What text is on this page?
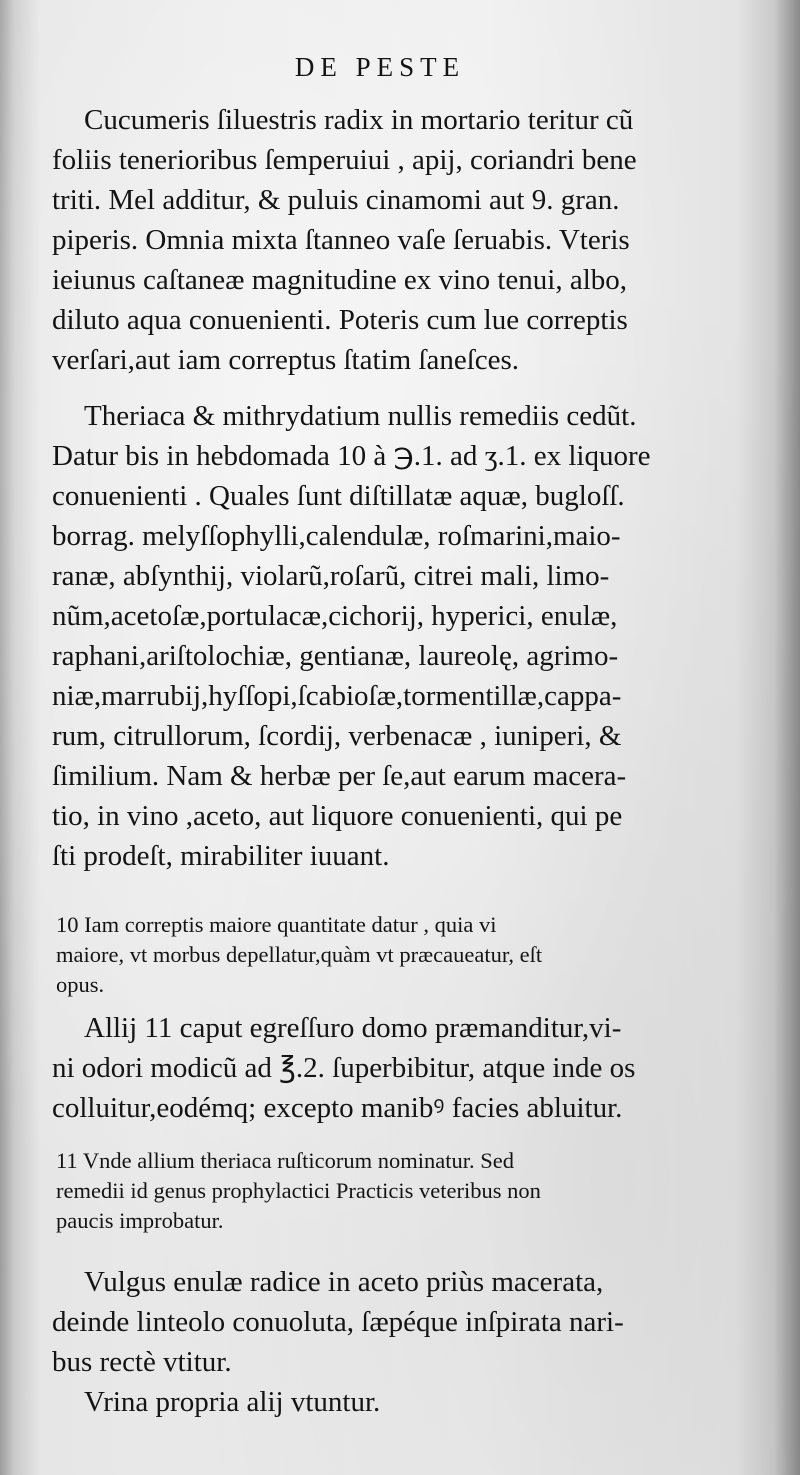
DE PESTE
Cucumeris ſiluestris radix in mortario teritur cũ
foliis tenerioribus ſemperuiui , apij, coriandri bene
triti. Mel additur, & puluis cinamomi aut 9. gran.
piperis. Omnia mixta ſtanneo vaſe ſeruabis. Vteris
ieiunus caſtaneæ magnitudine ex vino tenui, albo,
diluto aqua conuenienti. Poteris cum lue correptis
verſari,aut iam correptus ſtatim ſaneſces.
Theriaca & mithrydatium nullis remediis cedũt.
Datur bis in hebdomada 10 à ℈.1. ad ʒ.1. ex liquore
conuenienti . Quales ſunt diſtillatæ aquæ, bugloſſ.
borrag. melyſſophylli,calendulæ, roſmarini,maio-
ranæ, abſynthij, violarũ,roſarũ, citrei mali, limo-
nũm,acetoſæ,portulacæ,cichorij, hyperici, enulæ,
raphani,ariſtolochiæ, gentianæ, laureolę, agrimo-
niæ,marrubij,hyſſopi,ſcabioſæ,tormentillæ,cappa-
rum, citrullorum, ſcordij, verbenacæ , iuniperi, &
ſimilium. Nam & herbæ per ſe,aut earum macera-
tio, in vino ,aceto, aut liquore conuenienti, qui pe
ſti prodeſt, mirabiliter iuuant.
10 Iam correptis maiore quantitate datur , quia vi
maiore, vt morbus depellatur,quàm vt præcaueatur, eſt
opus.
Allij 11 caput egreſſuro domo præmanditur,vi-
ni odori modicũ ad ℥.2. ſuperbibitur, atque inde os
colluitur,eodémq; excepto manibꝰ facies abluitur.
11 Vnde allium theriaca ruſticorum nominatur. Sed
remedii id genus prophylactici Practicis veteribus non
paucis improbatur.
Vulgus enulæ radice in aceto priùs macerata,
deinde linteolo conuoluta, ſæpéque inſpirata nari-
bus rectè vtitur.
Vrina propria alij vtuntur.
